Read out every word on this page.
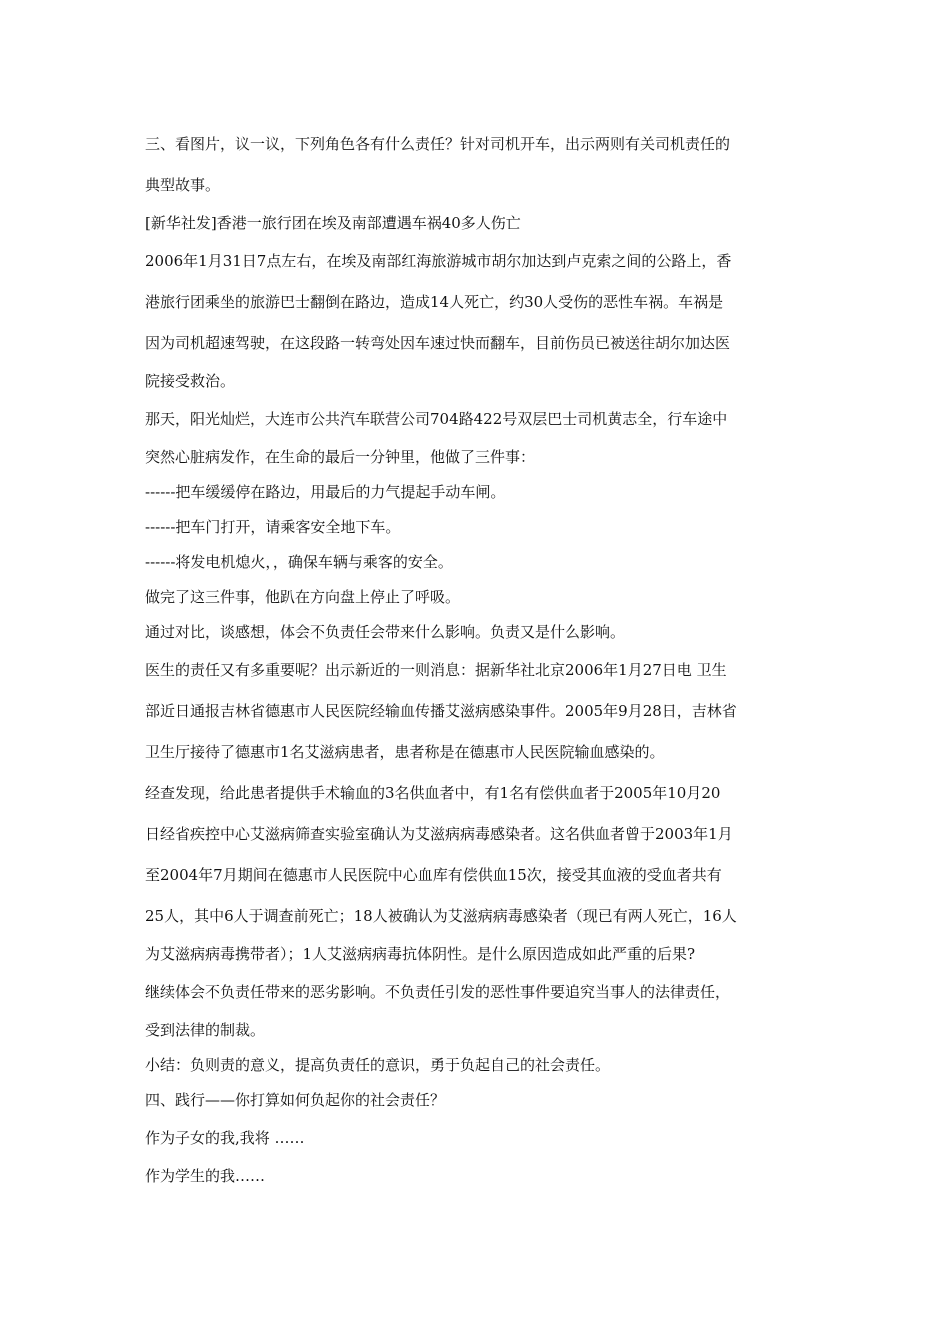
三、看图片，议一议，下列角色各有什么责任？针对司机开车，出示两则有关司机责任的

典型故事。

[新华社发]香港一旅行团在埃及南部遭遇车祸40多人伤亡

2006年1月31日7点左右，在埃及南部红海旅游城市胡尔加达到卢克索之间的公路上，香

港旅行团乘坐的旅游巴士翻倒在路边，造成14人死亡，约30人受伤的恶性车祸。车祸是

因为司机超速驾驶，在这段路一转弯处因车速过快而翻车，目前伤员已被送往胡尔加达医

院接受救治。

那天，阳光灿烂，大连市公共汽车联营公司704路422号双层巴士司机黄志全，行车途中

突然心脏病发作，在生命的最后一分钟里，他做了三件事：

------把车缓缓停在路边，用最后的力气提起手动车闸。

------把车门打开，请乘客安全地下车。

------将发电机熄火，，确保车辆与乘客的安全。

做完了这三件事，他趴在方向盘上停止了呼吸。

通过对比，谈感想，体会不负责任会带来什么影响。负责又是什么影响。

医生的责任又有多重要呢？出示新近的一则消息：据新华社北京2006年1月27日电 卫生

部近日通报吉林省德惠市人民医院经输血传播艾滋病感染事件。2005年9月28日，吉林省

卫生厅接待了德惠市1名艾滋病患者，患者称是在德惠市人民医院输血感染的。

经查发现，给此患者提供手术输血的3名供血者中，有1名有偿供血者于2005年10月20

日经省疾控中心艾滋病筛查实验室确认为艾滋病病毒感染者。这名供血者曾于2003年1月

至2004年7月期间在德惠市人民医院中心血库有偿供血15次，接受其血液的受血者共有

25人，其中6人于调查前死亡；18人被确认为艾滋病病毒感染者（现已有两人死亡，16人

为艾滋病病毒携带者）；1人艾滋病病毒抗体阴性。是什么原因造成如此严重的后果?

继续体会不负责任带来的恶劣影响。不负责任引发的恶性事件要追究当事人的法律责任，

受到法律的制裁。

小结：负则责的意义，提高负责任的意识，勇于负起自己的社会责任。

四、践行——你打算如何负起你的社会责任？

作为子女的我,我将 ……

作为学生的我……
